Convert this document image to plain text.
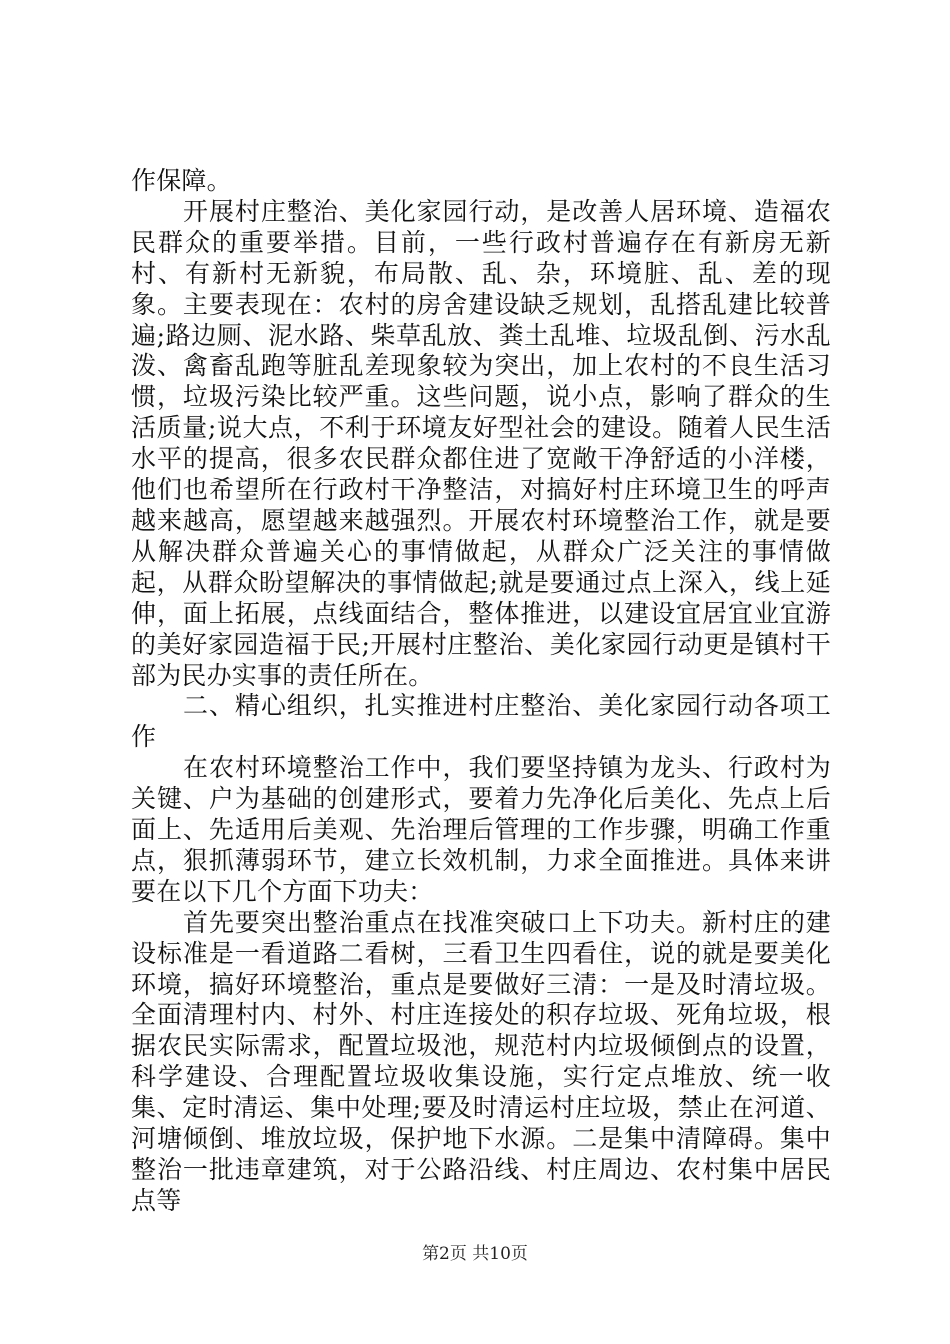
作保障。

开展村庄整治、美化家园行动，是改善人居环境、造福农民群众的重要举措。目前，一些行政村普遍存在有新房无新村、有新村无新貌，布局散、乱、杂，环境脏、乱、差的现象。主要表现在：农村的房舍建设缺乏规划，乱搭乱建比较普遍;路边厕、泥水路、柴草乱放、粪土乱堆、垃圾乱倒、污水乱泼、禽畜乱跑等脏乱差现象较为突出，加上农村的不良生活习惯，垃圾污染比较严重。这些问题，说小点，影响了群众的生活质量;说大点，不利于环境友好型社会的建设。随着人民生活水平的提高，很多农民群众都住进了宽敞干净舒适的小洋楼，他们也希望所在行政村干净整洁，对搞好村庄环境卫生的呼声越来越高，愿望越来越强烈。开展农村环境整治工作，就是要从解决群众普遍关心的事情做起，从群众广泛关注的事情做起，从群众盼望解决的事情做起;就是要通过点上深入，线上延伸，面上拓展，点线面结合，整体推进，以建设宜居宜业宜游的美好家园造福于民;开展村庄整治、美化家园行动更是镇村干部为民办实事的责任所在。

二、精心组织，扎实推进村庄整治、美化家园行动各项工作

在农村环境整治工作中，我们要坚持镇为龙头、行政村为关键、户为基础的创建形式，要着力先净化后美化、先点上后面上、先适用后美观、先治理后管理的工作步骤，明确工作重点，狠抓薄弱环节，建立长效机制，力求全面推进。具体来讲要在以下几个方面下功夫：

首先要突出整治重点在找准突破口上下功夫。新村庄的建设标准是一看道路二看树，三看卫生四看住，说的就是要美化环境，搞好环境整治，重点是要做好三清：一是及时清垃圾。全面清理村内、村外、村庄连接处的积存垃圾、死角垃圾，根据农民实际需求，配置垃圾池，规范村内垃圾倾倒点的设置，科学建设、合理配置垃圾收集设施，实行定点堆放、统一收集、定时清运、集中处理;要及时清运村庄垃圾，禁止在河道、河塘倾倒、堆放垃圾，保护地下水源。二是集中清障碍。集中整治一批违章建筑，对于公路沿线、村庄周边、农村集中居民点等

第2页 共10页
